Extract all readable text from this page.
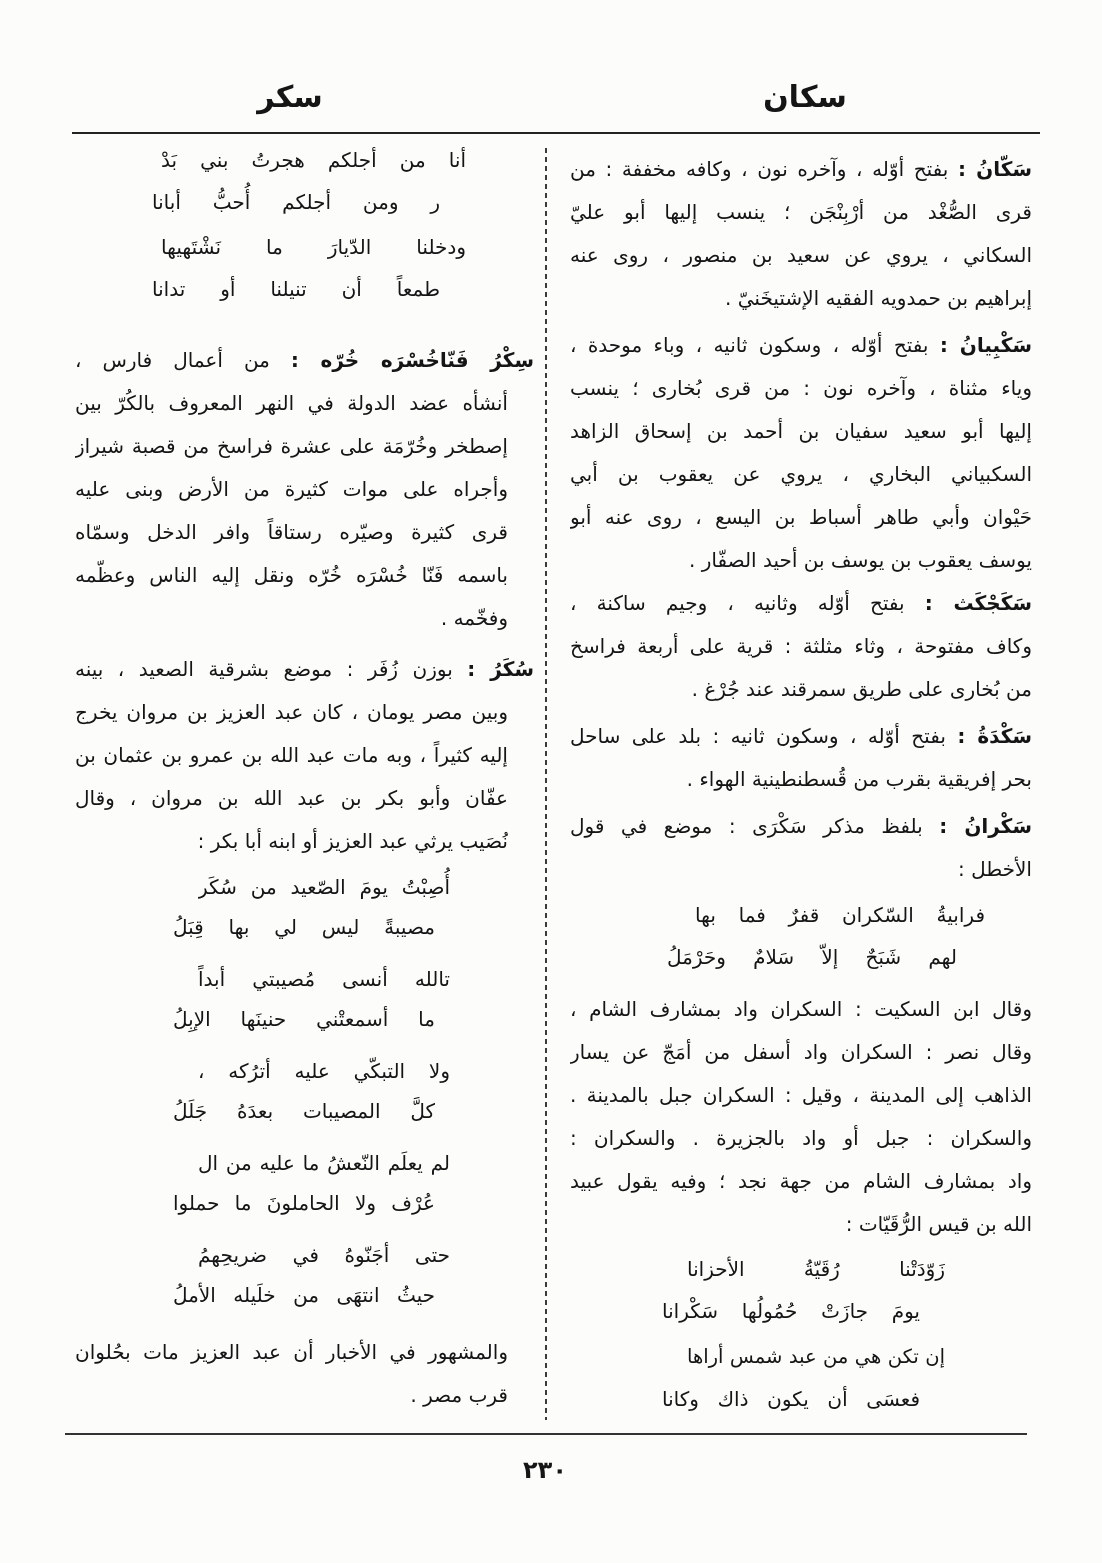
سكان
سكر
سَكّانُ : بفتح أوّله ، وآخره نون ، وكافه مخففة : من
قرى الصُّغْد من أرْبِنْجَن ؛ ينسب إليها أبو عليّ
السكاني ، يروي عن سعيد بن منصور ، روى عنه
إبراهيم بن حمدويه الفقيه الإشتيخَنيّ .
سَكْبِيانُ : بفتح أوّله ، وسكون ثانيه ، وباء موحدة ،
وياء مثناة ، وآخره نون : من قرى بُخارى ؛ ينسب
إليها أبو سعيد سفيان بن أحمد بن إسحاق الزاهد
السكبياني البخاري ، يروي عن يعقوب بن أبي
حَيْوان وأبي طاهر أسباط بن اليسع ، روى عنه أبو
يوسف يعقوب بن يوسف بن أحيد الصفّار .
سَكَجْكَث : بفتح أوّله وثانيه ، وجيم ساكنة ،
وكاف مفتوحة ، وثاء مثلثة : قرية على أربعة فراسخ
من بُخارى على طريق سمرقند عند جُرْغ .
سَكْدَةُ : بفتح أوّله ، وسكون ثانيه : بلد على ساحل
بحر إفريقية بقرب من قُسطنطينية الهواء .
سَكْرانُ : بلفظ مذكر سَكْرَى : موضع في قول
الأخطل :
فرابيةُ السّكران قفرٌ فما بها
لهم شَبَحٌ إلاّ سَلامٌ وحَرْمَلُ
وقال ابن السكيت : السكران واد بمشارف الشام ،
وقال نصر : السكران واد أسفل من أمَجّ عن يسار
الذاهب إلى المدينة ، وقيل : السكران جبل بالمدينة .
والسكران : جبل أو واد بالجزيرة . والسكران :
واد بمشارف الشام من جهة نجد ؛ وفيه يقول عبيد
الله بن قيس الرُّقَيّات :
زَوّدَتْنا رُقَيّةُ الأحزانا
يومَ جازَتْ حُمُولُها سَكْرانا
إن تكن هي من عبد شمس أراها
فعسَى أن يكون ذاك وكانا
أنا من أجلكم هجرتُ بني بَدْ
ر ومن أجلكم أُحبُّ أبانا
ودخلنا الدّيارَ ما نَشْتَهيها
طمعاً أن تنيلنا أو تدانا
سِكْرُ فَنّاخُسْرَه خُرّه : من أعمال فارس ،
أنشأه عضد الدولة في النهر المعروف بالكُرّ بين
إصطخر وخُرّمَة على عشرة فراسخ من قصبة شيراز
وأجراه على موات كثيرة من الأرض وبنى عليه
قرى كثيرة وصيّره رستاقاً وافر الدخل وسمّاه
باسمه فَنّا خُسْرَه خُرّه ونقل إليه الناس وعظّمه
وفخّمه .
سُكَرُ : بوزن زُفَر : موضع بشرقية الصعيد ، بينه
وبين مصر يومان ، كان عبد العزيز بن مروان يخرج
إليه كثيراً ، وبه مات عبد الله بن عمرو بن عثمان بن
عفّان وأبو بكر بن عبد الله بن مروان ، وقال
نُصَيب يرثي عبد العزيز أو ابنه أبا بكر :
أُصِبْتُ يومَ الصّعيد من سُكَر
مصيبةً ليس لي بها قِبَلُ
تالله أنسى مُصيبتي أبداً
ما أسمعتْني حنينَها الإبِلُ
ولا التبكّي عليه أترُكه ،
كلَّ المصيبات بعدَهُ جَلَلُ
لم يعلَم النّعشُ ما عليه من ال
عُرْف ولا الحاملونَ ما حملوا
حتى أجَنّوهُ في ضريحِهمُ
حيثُ انتهَى من خلَيله الأملُ
والمشهور في الأخبار أن عبد العزيز مات بحُلوان
قرب مصر .
٢٣٠
